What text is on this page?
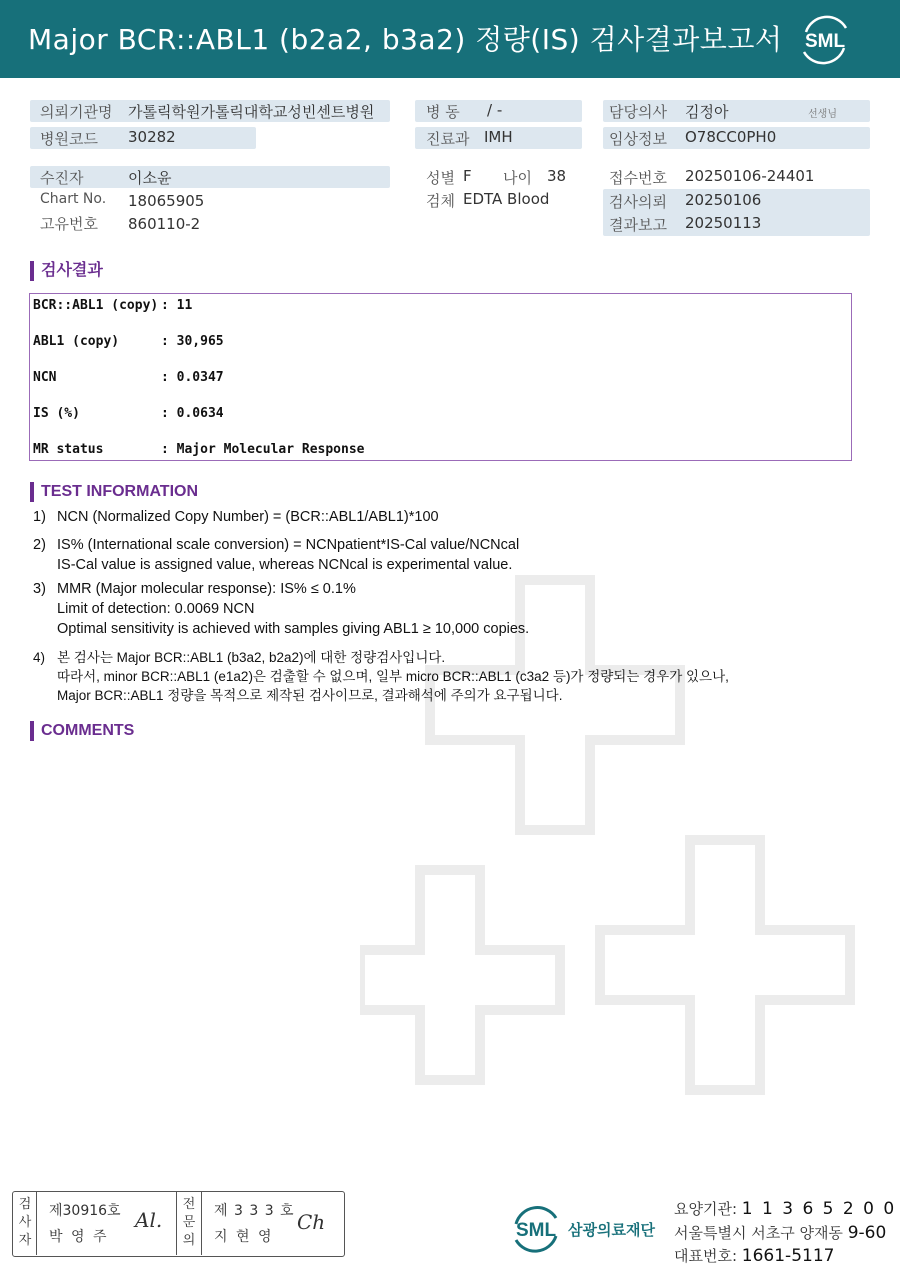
Major BCR::ABL1 (b2a2, b3a2) 정량(IS) 검사결과보고서 SML
의뢰기관명 가톨릭학원가톨릭대학교성빈센트병원
병원코드 30282
병 동 / -
진료과 IMH
담당의사 김정아	선생님
임상정보 O78CC0PH0
수진자	이소윤
Chart No. 18065905
고유번호 860110-2
성별 F 나이 38
검체 EDTA Blood
접수번호 20250106-24401
검사의뢰 20250106
결과보고 20250113
검사결과
BCR::ABL1 (copy) : 11
ABL1 (copy)	: 30,965
NCN	: 0.0347
IS (%)	: 0.0634
MR status	: Major Molecular Response
TEST INFORMATION
1) NCN (Normalized Copy Number) = (BCR::ABL1/ABL1)*100
2) IS% (International scale conversion) = NCNpatient*IS-Cal value/NCNcal
IS-Cal value is assigned value, whereas NCNcal is experimental value.
3) MMR (Major molecular response): IS% ≤ 0.1%
Limit of detection: 0.0069 NCN
Optimal sensitivity is achieved with samples giving ABL1 ≥ 10,000 copies.
4) 본 검사는 Major BCR::ABL1 (b3a2, b2a2)에 대한 정량검사입니다.
따라서, minor BCR::ABL1 (e1a2)은 검출할 수 없으며, 일부 micro BCR::ABL1 (c3a2 등)가 정량되는 경우가 있으나,
Major BCR::ABL1 정량을 목적으로 제작된 검사이므로, 결과해석에 주의가 요구됩니다.
COMMENTS
검사자
제30916호
박 영 주
Al.
전문의
제 3 3 3 호
지 현 영
Ch	SML 삼광의료재단
요양기관: 1 1 3 6 5 2 0 0
서울특별시 서초구 양재동 9-60
대표번호: 1661-5117
